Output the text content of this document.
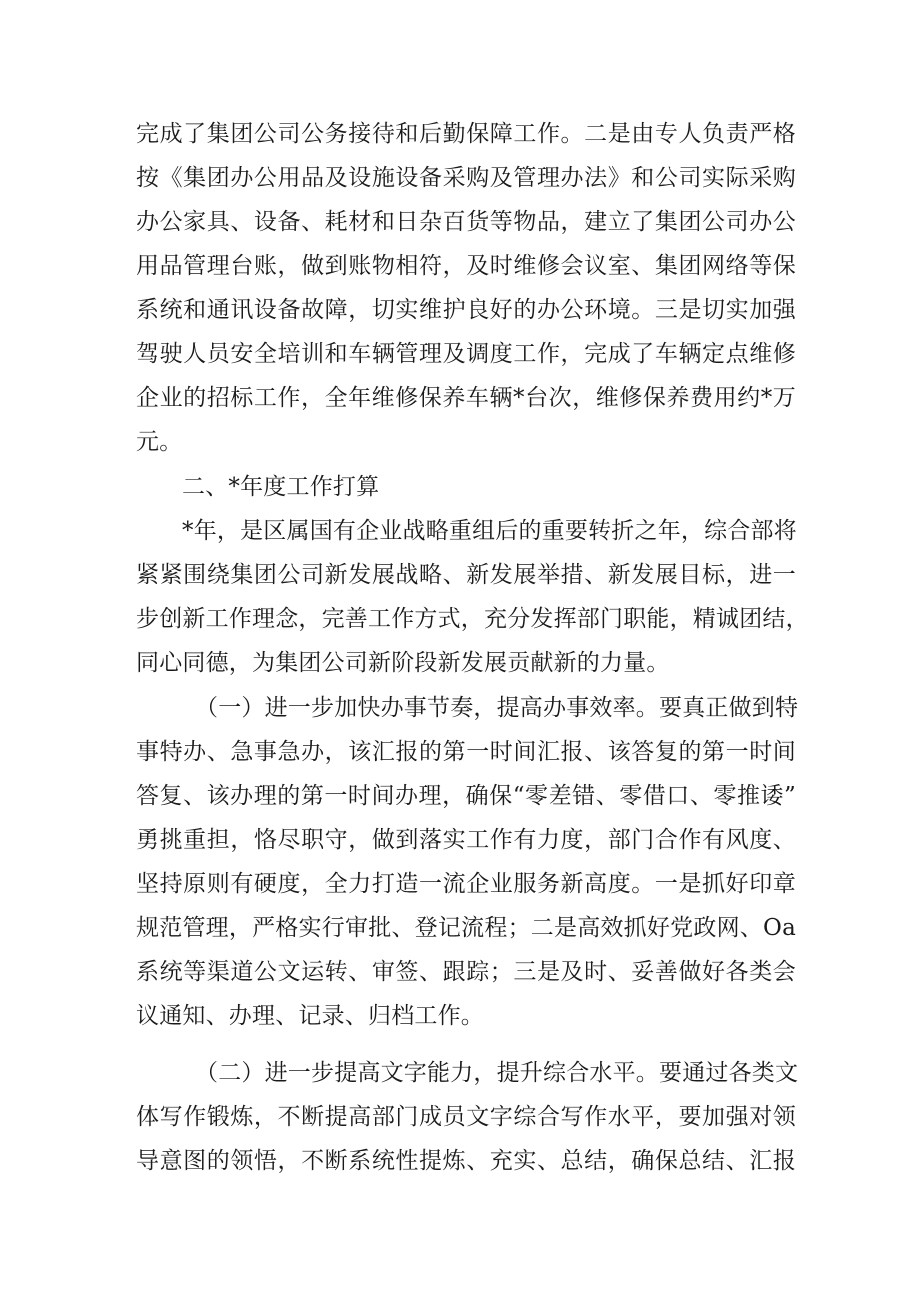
完成了集团公司公务接待和后勤保障工作。二是由专人负责严格
按《集团办公用品及设施设备采购及管理办法》和公司实际采购
办公家具、设备、耗材和日杂百货等物品，建立了集团公司办公
用品管理台账，做到账物相符，及时维修会议室、集团网络等保
系统和通讯设备故障，切实维护良好的办公环境。三是切实加强
驾驶人员安全培训和车辆管理及调度工作，完成了车辆定点维修
企业的招标工作，全年维修保养车辆*台次，维修保养费用约*万
元。
二、*年度工作打算
*年，是区属国有企业战略重组后的重要转折之年，综合部将
紧紧围绕集团公司新发展战略、新发展举措、新发展目标，进一
步创新工作理念，完善工作方式，充分发挥部门职能，精诚团结，
同心同德，为集团公司新阶段新发展贡献新的力量。
（一）进一步加快办事节奏，提高办事效率。要真正做到特
事特办、急事急办，该汇报的第一时间汇报、该答复的第一时间
答复、该办理的第一时间办理，确保“零差错、零借口、零推诿”
勇挑重担，恪尽职守，做到落实工作有力度，部门合作有风度、
坚持原则有硬度，全力打造一流企业服务新高度。一是抓好印章
规范管理，严格实行审批、登记流程；二是高效抓好党政网、Oa
系统等渠道公文运转、审签、跟踪；三是及时、妥善做好各类会
议通知、办理、记录、归档工作。
（二）进一步提高文字能力，提升综合水平。要通过各类文
体写作锻炼，不断提高部门成员文字综合写作水平，要加强对领
导意图的领悟，不断系统性提炼、充实、总结，确保总结、汇报
